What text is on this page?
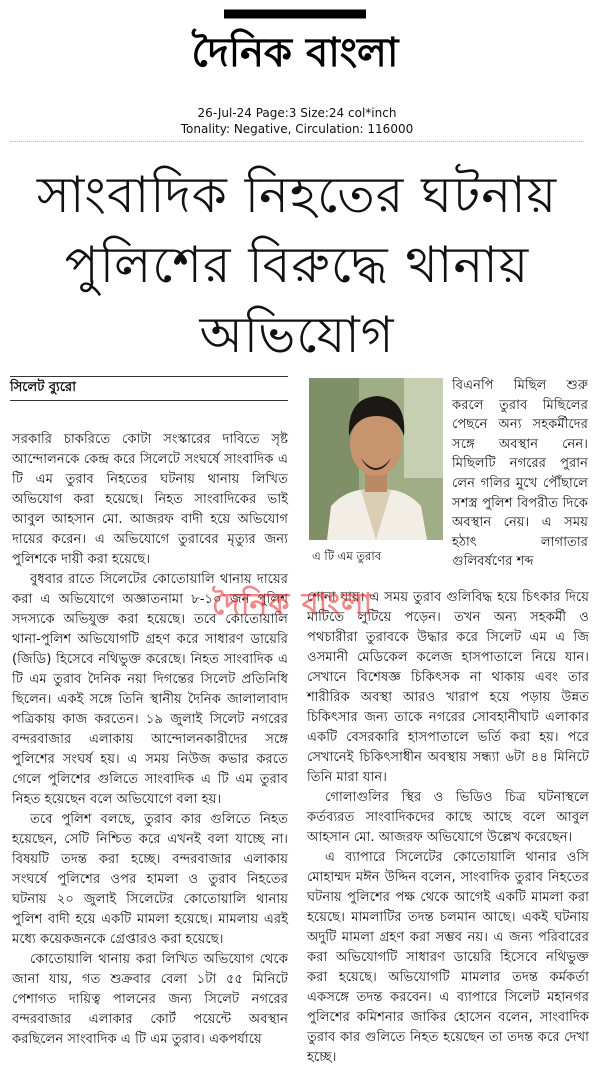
দৈনিক বাংলা
26-Jul-24 Page:3 Size:24 col*inch
Tonality: Negative, Circulation: 116000
সাংবাদিক নিহতের ঘটনায়
পুলিশের বিরুদ্ধে থানায়
অভিযোগ
সিলেট ব্যুরো

সরকারি চাকরিতে কোটা সংস্কারের দাবিতে সৃষ্ট আন্দোলনকে কেন্দ্র করে সিলেটে সংঘর্ষে সাংবাদিক এ টি এম তুরাব নিহতের ঘটনায় থানায় লিখিত অভিযোগ করা হয়েছে। নিহত সাংবাদিকের ভাই আবুল আহসান মো. আজরফ বাদী হয়ে অভিযোগ দায়ের করেন। এ অভিযোগে তুরাবের মৃত্যুর জন্য পুলিশকে দায়ী করা হয়েছে।

বুধবার রাতে সিলেটের কোতোয়ালি থানায় দায়ের করা এ অভিযোগে অজ্ঞাতনামা ৮-১০ জন পুলিশ সদস্যকে অভিযুক্ত করা হয়েছে। তবে কোতোয়ালি থানা-পুলিশ অভিযোগটি গ্রহণ করে সাধারণ ডায়েরি (জিডি) হিসেবে নথিভুক্ত করেছে। নিহত সাংবাদিক এ টি এম তুরাব দৈনিক নয়া দিগন্তের সিলেট প্রতিনিধি ছিলেন। একই সঙ্গে তিনি স্থানীয় দৈনিক জালালাবাদ পত্রিকায় কাজ করতেন। ১৯ জুলাই সিলেট নগরের বন্দরবাজার এলাকায় আন্দোলনকারীদের সঙ্গে পুলিশের সংঘর্ষ হয়। এ সময় নিউজ কভার করতে গেলে পুলিশের গুলিতে সাংবাদিক এ টি এম তুরাব নিহত হয়েছেন বলে অভিযোগে বলা হয়।

তবে পুলিশ বলছে, তুরাব কার গুলিতে নিহত হয়েছেন, সেটি নিশ্চিত করে এখনই বলা যাচ্ছে না। বিষয়টি তদন্ত করা হচ্ছে। বন্দরবাজার এলাকায় সংঘর্ষে পুলিশের ওপর হামলা ও তুরাব নিহতের ঘটনায় ২০ জুলাই সিলেটের কোতোয়ালি থানায় পুলিশ বাদী হয়ে একটি মামলা হয়েছে। মামলায় এরই মধ্যে কয়েকজনকে গ্রেপ্তারও করা হয়েছে।

কোতোয়ালি থানায় করা লিখিত অভিযোগ থেকে জানা যায়, গত শুক্রবার বেলা ১টা ৫৫ মিনিটে পেশাগত দায়িত্ব পালনের জন্য সিলেট নগরের বন্দরবাজার এলাকার কোর্ট পয়েন্টে অবস্থান করছিলেন সাংবাদিক এ টি এম তুরাব। একপর্যায়ে

এ টি এম তুরাব

বিএনপি মিছিল শুরু করলে তুরাব মিছিলের পেছনে অন্য সহকর্মীদের সঙ্গে অবস্থান নেন। মিছিলটি নগরের পুরান লেন গলির মুখে পৌঁছালে সশস্ত্র পুলিশ বিপরীত দিকে অবস্থান নেয়। এ সময় হঠাৎ লাগাতার গুলিবর্ষণের শব্দ

শোনা যায়। এ সময় তুরাব গুলিবিদ্ধ হয়ে চিৎকার দিয়ে মাটিতে লুটিয়ে পড়েন। তখন অন্য সহকর্মী ও পথচারীরা তুরাবকে উদ্ধার করে সিলেট এম এ জি ওসমানী মেডিকেল কলেজ হাসপাতালে নিয়ে যান। সেখানে বিশেষজ্ঞ চিকিৎসক না থাকায় এবং তার শারীরিক অবস্থা আরও খারাপ হয়ে পড়ায় উন্নত চিকিৎসার জন্য তাকে নগরের সোবহানীঘাট এলাকার একটি বেসরকারি হাসপাতালে ভর্তি করা হয়। পরে সেখানেই চিকিৎসাধীন অবস্থায় সন্ধ্যা ৬টা ৪৪ মিনিটে তিনি মারা যান।

গোলাগুলির স্থির ও ভিডিও চিত্র ঘটনাস্থলে কর্তব্যরত সাংবাদিকদের কাছে আছে বলে আবুল আহসান মো. আজরফ অভিযোগে উল্লেখ করেছেন।

এ ব্যাপারে সিলেটের কোতোয়ালি থানার ওসি মোহাম্মদ মঈন উদ্দিন বলেন, সাংবাদিক তুরাব নিহতের ঘটনায় পুলিশের পক্ষ থেকে আগেই একটি মামলা করা হয়েছে। মামলাটির তদন্ত চলমান আছে। একই ঘটনায় অদুটি মামলা গ্রহণ করা সম্ভব নয়। এ জন্য পরিবারের করা অভিযোগটি সাধারণ ডায়েরি হিসেবে নথিভুক্ত করা হয়েছে। অভিযোগটি মামলার তদন্ত কর্মকর্তা একসঙ্গে তদন্ত করবেন। এ ব্যাপারে সিলেট মহানগর পুলিশের কমিশনার জাকির হোসেন বলেন, সাংবাদিক তুরাব কার গুলিতে নিহত হয়েছেন তা তদন্ত করে দেখা হচ্ছে।

দৈনিক বাংলা
